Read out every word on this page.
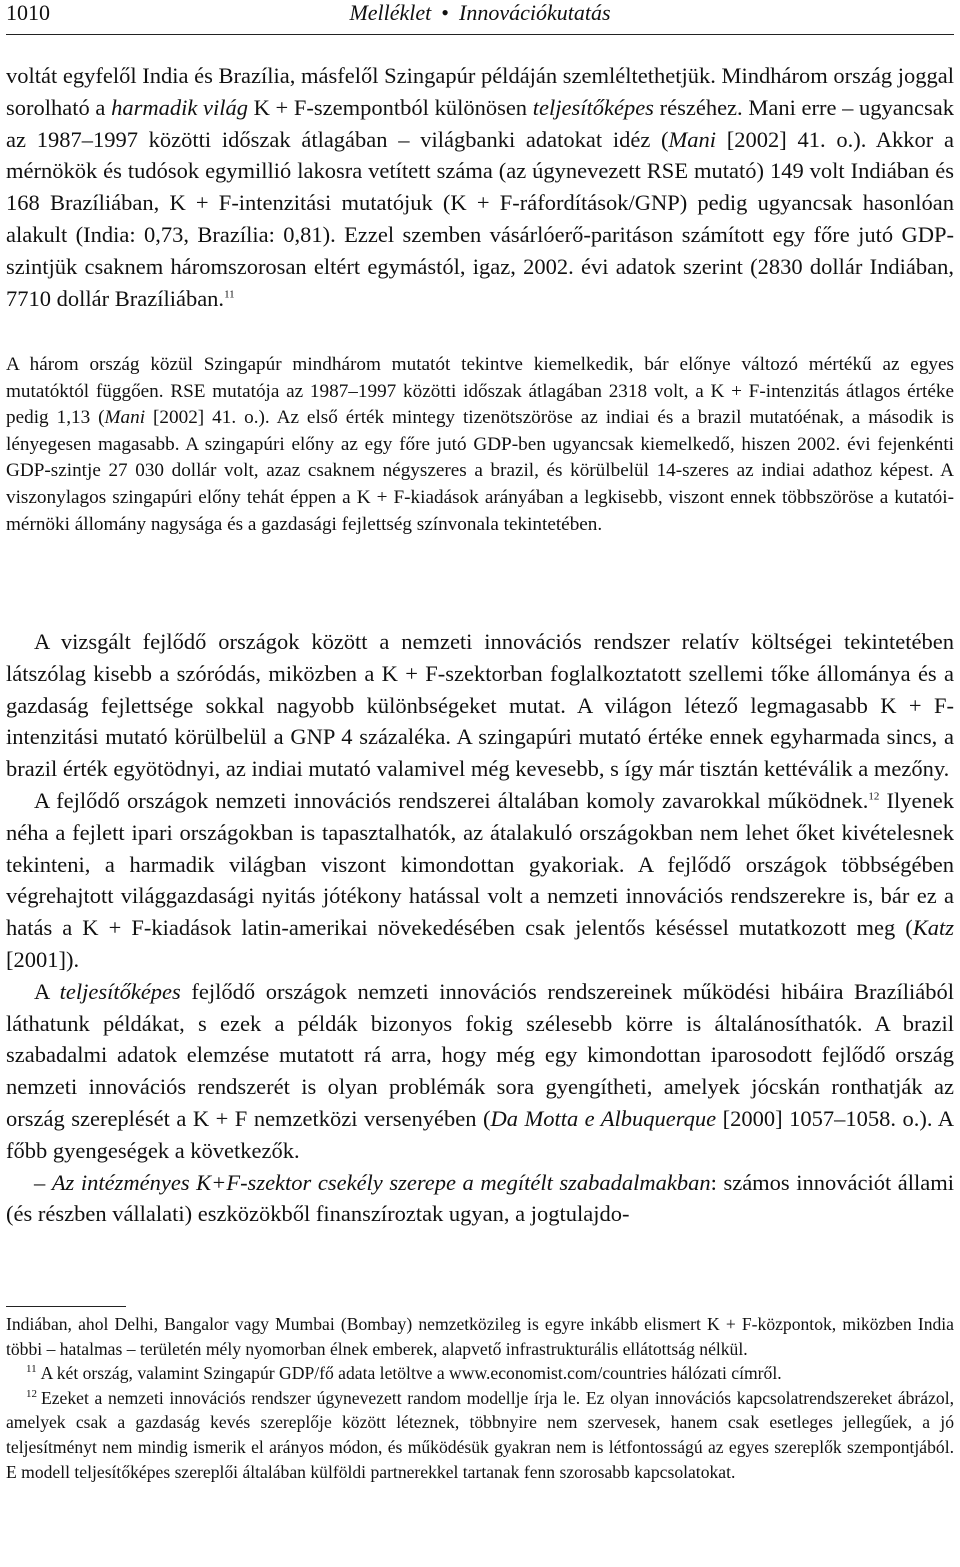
1010	Melléklet • Innovációkutatás

voltát egyfelől India és Brazília, másfelől Szingapúr példáján szemléltethetjük. Mindhárom ország joggal sorolható a harmadik világ K + F-szempontból különösen teljesítőképes részéhez. Mani erre – ugyancsak az 1987–1997 közötti időszak átlagában – világbanki adatokat idéz (Mani [2002] 41. o.). Akkor a mérnökök és tudósok egymillió lakosra vetített száma (az úgynevezett RSE mutató) 149 volt Indiában és 168 Brazíliában, K + F-intenzitási mutatójuk (K + F-ráfordítások/GNP) pedig ugyancsak hasonlóan alakult (India: 0,73, Brazília: 0,81). Ezzel szemben vásárlóerő-paritáson számított egy főre jutó GDP-szintjük csaknem háromszorosan eltért egymástól, igaz, 2002. évi adatok szerint (2830 dollár Indiában, 7710 dollár Brazíliában.$^{11}$

A három ország közül Szingapúr mindhárom mutatót tekintve kiemelkedik, bár előnye változó mértékű az egyes mutatóktól függően. RSE mutatója az 1987–1997 közötti időszak átlagában 2318 volt, a K + F-intenzitás átlagos értéke pedig 1,13 (Mani [2002] 41. o.). Az első érték mintegy tizenötszöröse az indiai és a brazil mutatóénak, a második is lényegesen magasabb. A szingapúri előny az egy főre jutó GDP-ben ugyancsak kiemelkedő, hiszen 2002. évi fejenkénti GDP-szintje 27 030 dollár volt, azaz csaknem négyszeres a brazil, és körülbelül 14-szeres az indiai adathoz képest. A viszonylagos szingapúri előny tehát éppen a K + F-kiadások arányában a legkisebb, viszont ennek többszöröse a kutatói-mérnöki állomány nagysága és a gazdasági fejlettség színvonala tekintetében.

A vizsgált fejlődő országok között a nemzeti innovációs rendszer relatív költségei tekintetében látszólag kisebb a szóródás, miközben a K + F-szektorban foglalkoztatott szellemi tőke állománya és a gazdaság fejlettsége sokkal nagyobb különbségeket mutat. A világon létező legmagasabb K + F-intenzitási mutató körülbelül a GNP 4 százaléka. A szingapúri mutató értéke ennek egyharmada sincs, a brazil érték egyötödnyi, az indiai mutató valamivel még kevesebb, s így már tisztán kettéválik a mezőny.

A fejlődő országok nemzeti innovációs rendszerei általában komoly zavarokkal működnek.$^{12}$ Ilyenek néha a fejlett ipari országokban is tapasztalhatók, az átalakuló országokban nem lehet őket kivételesnek tekinteni, a harmadik világban viszont kimondottan gyakoriak. A fejlődő országok többségében végrehajtott világgazdasági nyitás jótékony hatással volt a nemzeti innovációs rendszerekre is, bár ez a hatás a K + F-kiadások latin-amerikai növekedésében csak jelentős késéssel mutatkozott meg (Katz [2001]).

A teljesítőképes fejlődő országok nemzeti innovációs rendszereinek működési hibáira Brazíliából láthatunk példákat, s ezek a példák bizonyos fokig szélesebb körre is általánosíthatók. A brazil szabadalmi adatok elemzése mutatott rá arra, hogy még egy kimondottan iparosodott fejlődő ország nemzeti innovációs rendszerét is olyan problémák sora gyengítheti, amelyek jócskán ronthatják az ország szereplését a K + F nemzetközi versenyében (Da Motta e Albuquerque [2000] 1057–1058. o.). A főbb gyengeségek a következők.

– Az intézményes K+F-szektor csekély szerepe a megítélt szabadalmakban: számos innovációt állami (és részben vállalati) eszközökből finanszíroztak ugyan, a jogtulajdo-

Indiában, ahol Delhi, Bangalor vagy Mumbai (Bombay) nemzetközileg is egyre inkább elismert K + F-központok, miközben India többi – hatalmas – területén mély nyomorban élnek emberek, alapvető infrastrukturális ellátottság nélkül.

$^{11}$ A két ország, valamint Szingapúr GDP/fő adata letöltve a www.economist.com/countries hálózati címről.

$^{12}$ Ezeket a nemzeti innovációs rendszer úgynevezett random modellje írja le. Ez olyan innovációs kapcsolatrendszereket ábrázol, amelyek csak a gazdaság kevés szereplője között léteznek, többnyire nem szervesek, hanem csak esetleges jellegűek, a jó teljesítményt nem mindig ismerik el arányos módon, és működésük gyakran nem is létfontosságú az egyes szereplők szempontjából. E modell teljesítőképes szereplői általában külföldi partnerekkel tartanak fenn szorosabb kapcsolatokat.
